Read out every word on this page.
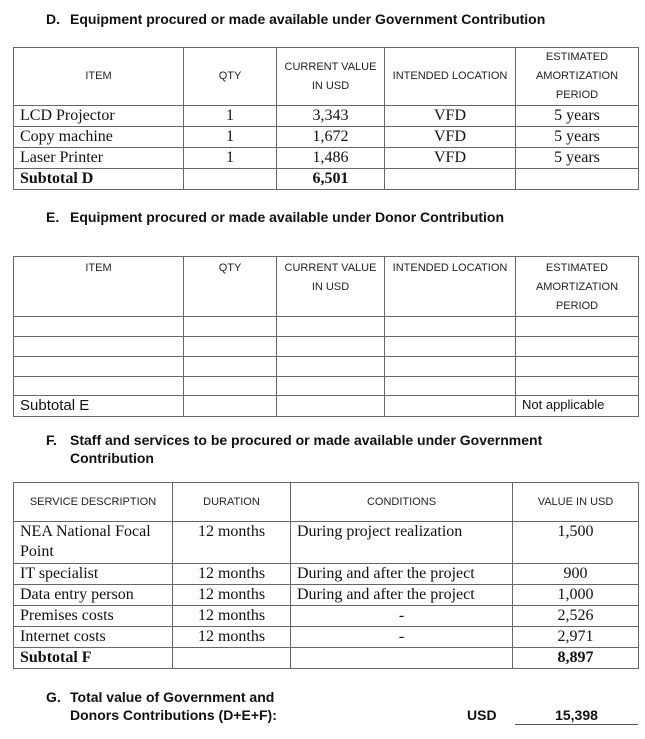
D. Equipment procured or made available under Government Contribution
ITEM	QTY	CURRENT VALUE IN USD	INTENDED LOCATION	ESTIMATED AMORTIZATION PERIOD
LCD Projector	1	3,343	VFD	5 years
Copy machine	1	1,672	VFD	5 years
Laser Printer	1	1,486	VFD	5 years
Subtotal D		6,501		
E. Equipment procured or made available under Donor Contribution
ITEM	QTY	CURRENT VALUE IN USD	INTENDED LOCATION	ESTIMATED AMORTIZATION PERIOD

Subtotal E				Not applicable
F. Staff and services to be procured or made available under Government
Contribution
SERVICE DESCRIPTION	DURATION	CONDITIONS	VALUE IN USD
NEA National Focal Point	12 months	During project realization	1,500
IT specialist	12 months	During and after the project	900
Data entry person	12 months	During and after the project	1,000
Premises costs	12 months	-	2,526
Internet costs	12 months	-	2,971
Subtotal F			8,897
G. Total value of Government and
Donors Contributions (D+E+F):	USD	15,398
